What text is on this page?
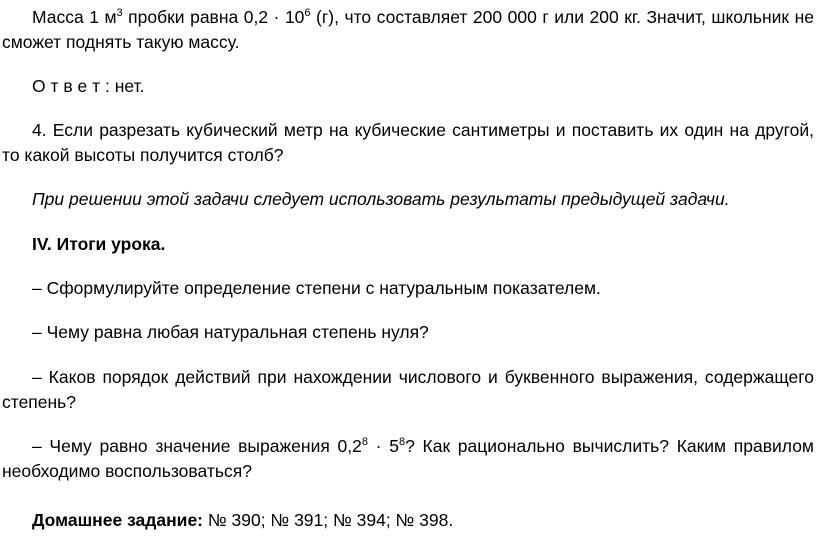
Масса 1 $м^3$ пробки равна $0,2 \cdot 10^6$ (г), что составляет 200 000 г или 200 кг. Значит, школьник не сможет поднять такую массу.

О т в е т : нет.

4. Если разрезать кубический метр на кубические сантиметры и поставить их один на другой, то какой высоты получится столб?

При решении этой задачи следует использовать результаты предыдущей задачи.

IV. Итоги урока.

– Сформулируйте определение степени с натуральным показателем.

– Чему равна любая натуральная степень нуля?

– Каков порядок действий при нахождении числового и буквенного выражения, содержащего степень?

– Чему равно значение выражения $0,2^8 \cdot 5^8$? Как рационально вычислить? Каким правилом необходимо воспользоваться?

Домашнее задание: № 390; № 391; № 394; № 398.
